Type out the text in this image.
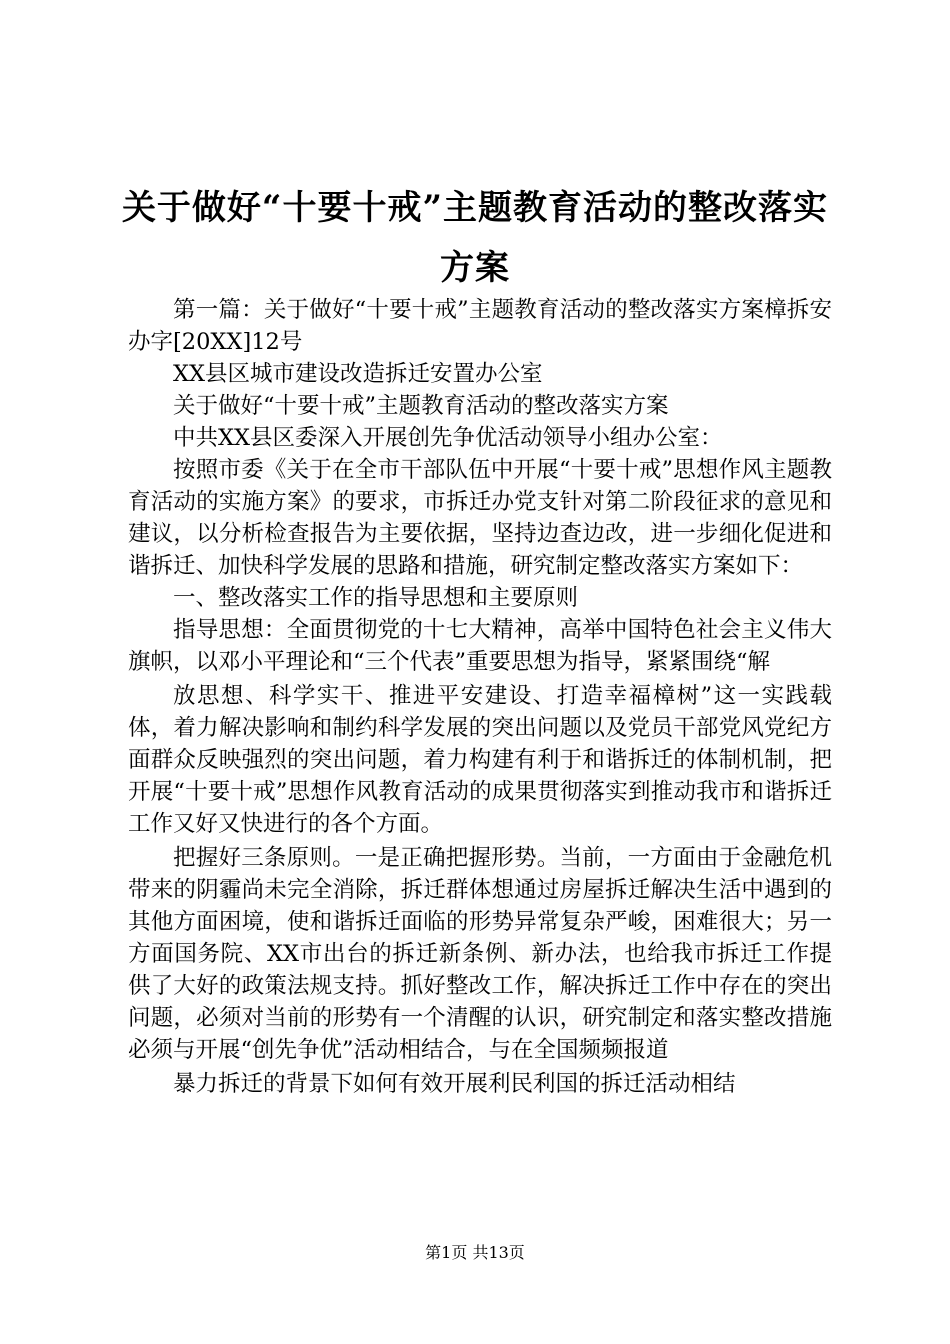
关于做好“十要十戒”主题教育活动的整改落实方案

第一篇：关于做好“十要十戒”主题教育活动的整改落实方案樟拆安办字[20XX]12号

XX县区城市建设改造拆迁安置办公室

关于做好“十要十戒”主题教育活动的整改落实方案

中共XX县区委深入开展创先争优活动领导小组办公室：

按照市委《关于在全市干部队伍中开展“十要十戒”思想作风主题教育活动的实施方案》的要求，市拆迁办党支针对第二阶段征求的意见和建议，以分析检查报告为主要依据，坚持边查边改，进一步细化促进和谐拆迁、加快科学发展的思路和措施，研究制定整改落实方案如下：

一、整改落实工作的指导思想和主要原则

指导思想：全面贯彻党的十七大精神，高举中国特色社会主义伟大旗帜，以邓小平理论和“三个代表”重要思想为指导，紧紧围绕“解

放思想、科学实干、推进平安建设、打造幸福樟树”这一实践载体，着力解决影响和制约科学发展的突出问题以及党员干部党风党纪方面群众反映强烈的突出问题，着力构建有利于和谐拆迁的体制机制，把开展“十要十戒”思想作风教育活动的成果贯彻落实到推动我市和谐拆迁工作又好又快进行的各个方面。

把握好三条原则。一是正确把握形势。当前，一方面由于金融危机带来的阴霾尚未完全消除，拆迁群体想通过房屋拆迁解决生活中遇到的其他方面困境，使和谐拆迁面临的形势异常复杂严峻，困难很大；另一方面国务院、XX市出台的拆迁新条例、新办法，也给我市拆迁工作提供了大好的政策法规支持。抓好整改工作，解决拆迁工作中存在的突出问题，必须对当前的形势有一个清醒的认识，研究制定和落实整改措施必须与开展“创先争优”活动相结合，与在全国频频报道

暴力拆迁的背景下如何有效开展利民利国的拆迁活动相结

第1页 共13页
